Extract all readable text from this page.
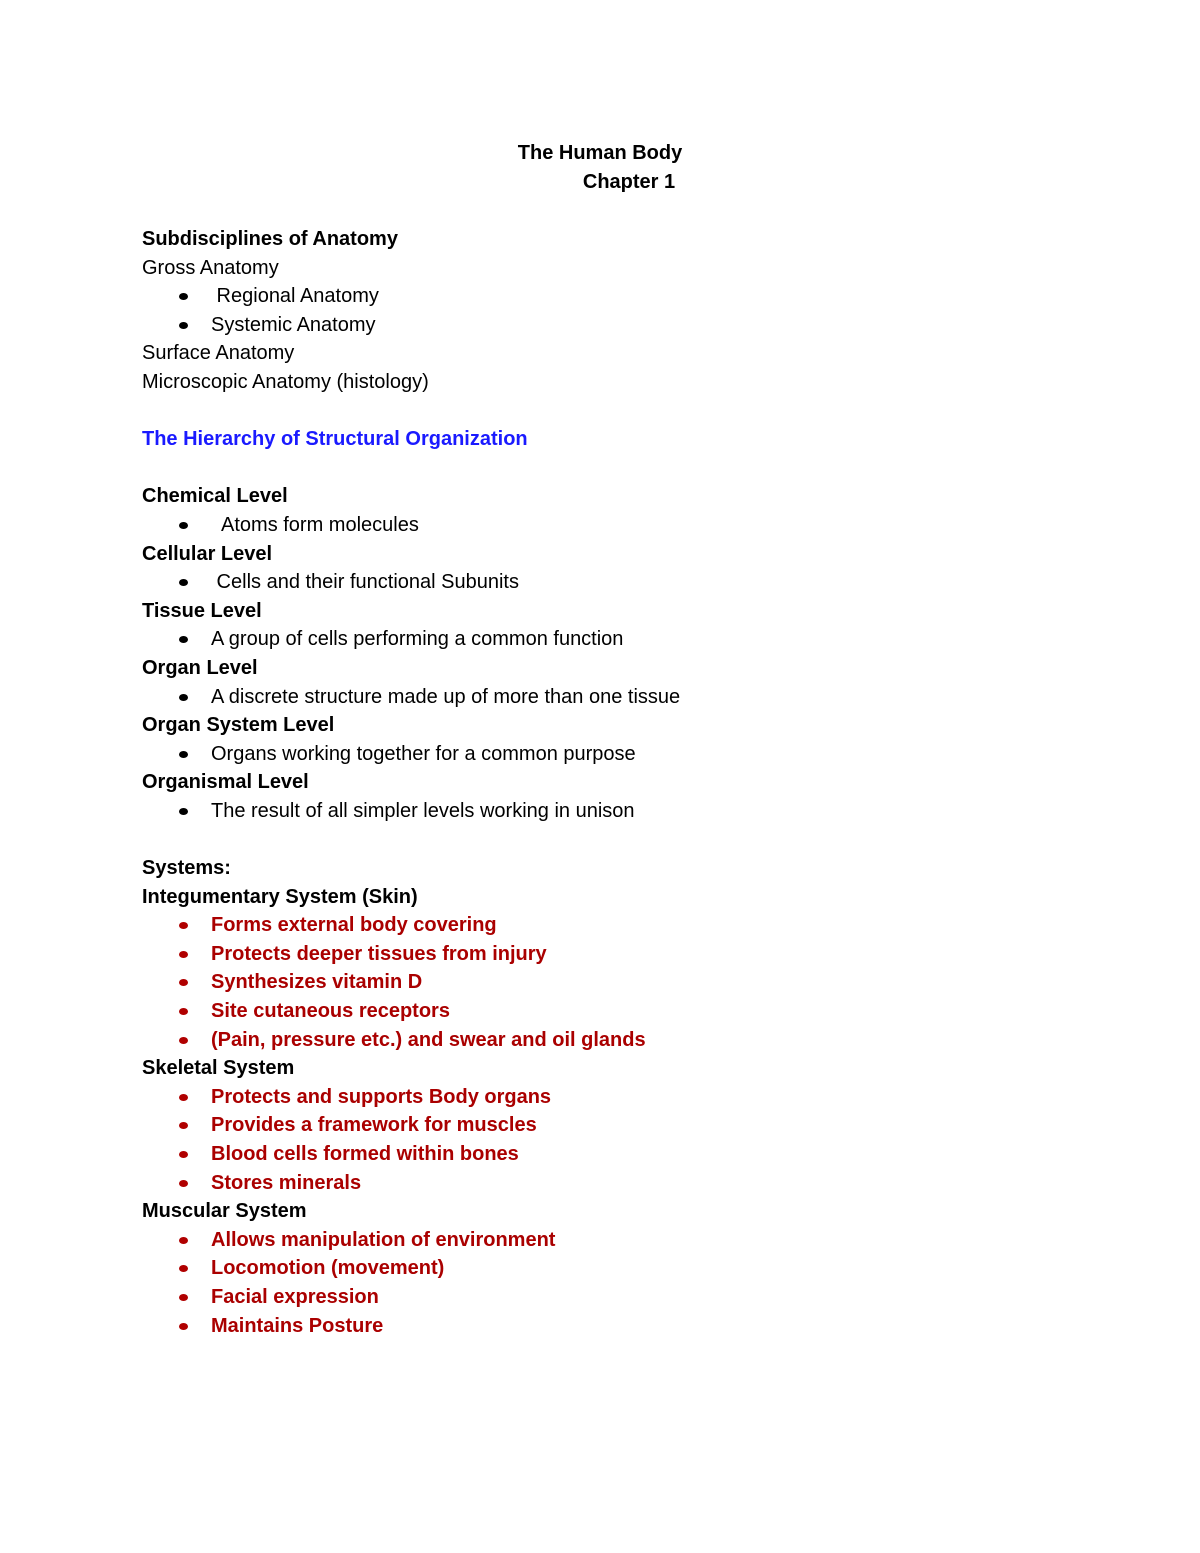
The Human Body
Chapter 1
Subdisciplines of Anatomy
Gross Anatomy
Regional Anatomy
Systemic Anatomy
Surface Anatomy
Microscopic Anatomy (histology)
The Hierarchy of Structural Organization
Chemical Level
Atoms form molecules
Cellular Level
Cells and their functional Subunits
Tissue Level
A group of cells performing a common function
Organ Level
A discrete structure made up of more than one tissue
Organ System Level
Organs working together for a common purpose
Organismal Level
The result of all simpler levels working in unison
Systems:
Integumentary System (Skin)
Forms external body covering
Protects deeper tissues from injury
Synthesizes vitamin D
Site cutaneous receptors
(Pain, pressure etc.) and swear and oil glands
Skeletal System
Protects and supports Body organs
Provides a framework for muscles
Blood cells formed within bones
Stores minerals
Muscular System
Allows manipulation of environment
Locomotion (movement)
Facial expression
Maintains Posture
